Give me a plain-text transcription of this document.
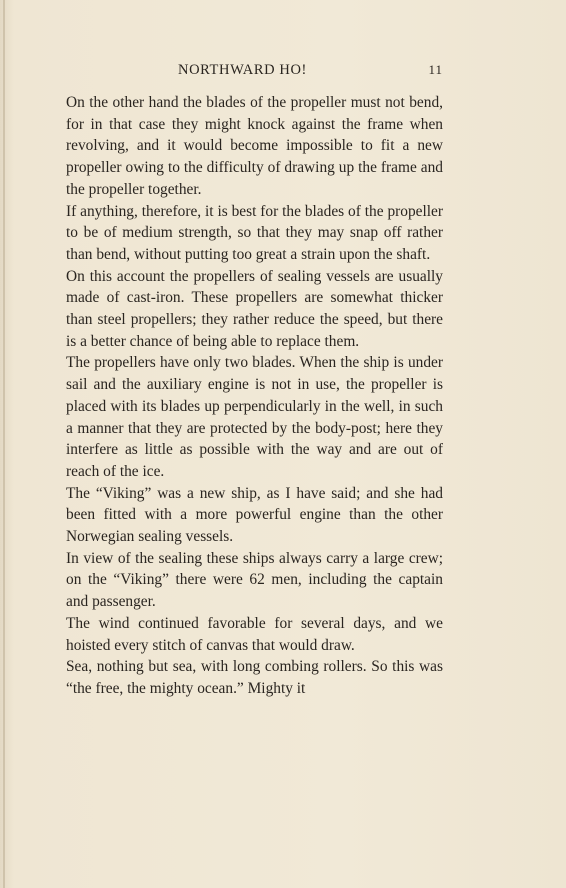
NORTHWARD HO!	11

On the other hand the blades of the propeller must not bend, for in that case they might knock against the frame when revolving, and it would become impossible to fit a new propeller owing to the difficulty of drawing up the frame and the propeller together.

If anything, therefore, it is best for the blades of the propeller to be of medium strength, so that they may snap off rather than bend, without putting too great a strain upon the shaft.

On this account the propellers of sealing vessels are usually made of cast-iron. These propellers are somewhat thicker than steel propellers; they rather reduce the speed, but there is a better chance of being able to replace them.

The propellers have only two blades. When the ship is under sail and the auxiliary engine is not in use, the propeller is placed with its blades up perpendicularly in the well, in such a manner that they are protected by the body-post; here they interfere as little as possible with the way and are out of reach of the ice.

The “Viking” was a new ship, as I have said; and she had been fitted with a more powerful engine than the other Norwegian sealing vessels.

In view of the sealing these ships always carry a large crew; on the “Viking” there were 62 men, including the captain and passenger.

The wind continued favorable for several days, and we hoisted every stitch of canvas that would draw.

Sea, nothing but sea, with long combing rollers. So this was “the free, the mighty ocean.” Mighty it
